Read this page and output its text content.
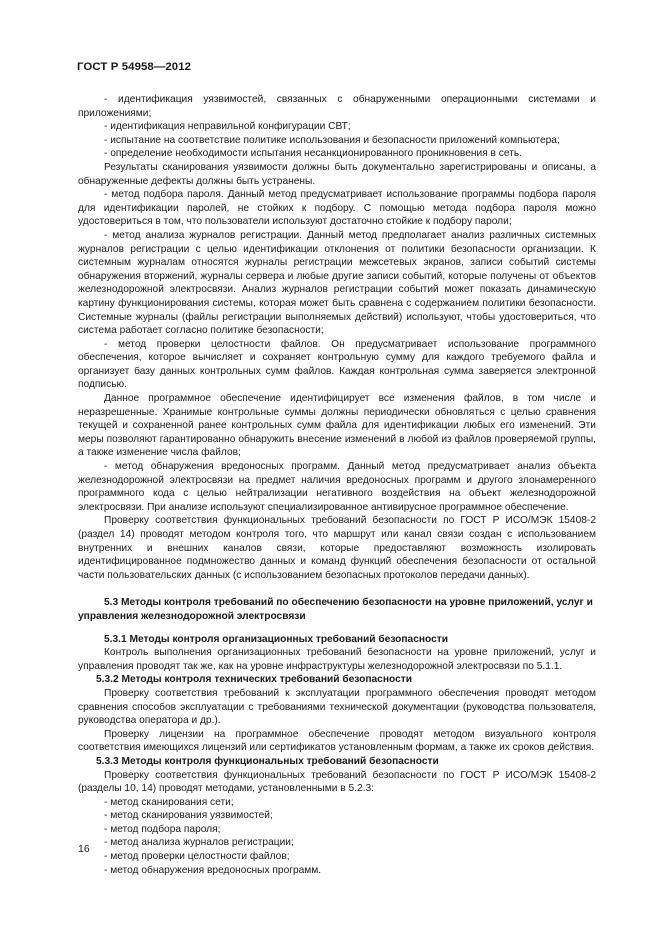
ГОСТ Р 54958—2012

- идентификация уязвимостей, связанных с обнаруженными операционными системами и приложениями;

- идентификация неправильной конфигурации СВТ;

- испытание на соответствие политике использования и безопасности приложений компьютера;

- определение необходимости испытания несанкционированного проникновения в сеть.

Результаты сканирования уязвимости должны быть документально зарегистрированы и описаны, а обнаруженные дефекты должны быть устранены.

- метод подбора пароля. Данный метод предусматривает использование программы подбора пароля для идентификации паролей, не стойких к подбору. С помощью метода подбора пароля можно удостовериться в том, что пользователи используют достаточно стойкие к подбору пароли;

- метод анализа журналов регистрации. Данный метод предполагает анализ различных системных журналов регистрации с целью идентификации отклонения от политики безопасности организации. К системным журналам относятся журналы регистрации межсетевых экранов, записи событий системы обнаружения вторжений, журналы сервера и любые другие записи событий, которые получены от объектов железнодорожной электросвязи. Анализ журналов регистрации событий может показать динамическую картину функционирования системы, которая может быть сравнена с содержанием политики безопасности. Системные журналы (файлы регистрации выполняемых действий) используют, чтобы удостовериться, что система работает согласно политике безопасности;

- метод проверки целостности файлов. Он предусматривает использование программного обеспечения, которое вычисляет и сохраняет контрольную сумму для каждого требуемого файла и организует базу данных контрольных сумм файлов. Каждая контрольная сумма заверяется электронной подписью.

Данное программное обеспечение идентифицирует все изменения файлов, в том числе и неразрешенные. Хранимые контрольные суммы должны периодически обновляться с целью сравнения текущей и сохраненной ранее контрольных сумм файла для идентификации любых его изменений. Эти меры позволяют гарантированно обнаружить внесение изменений в любой из файлов проверяемой группы, а также изменение числа файлов;

- метод обнаружения вредоносных программ. Данный метод предусматривает анализ объекта железнодорожной электросвязи на предмет наличия вредоносных программ и другого злонамеренного программного кода с целью нейтрализации негативного воздействия на объект железнодорожной электросвязи. При анализе используют специализированное антивирусное программное обеспечение.

Проверку соответствия функциональных требований безопасности по ГОСТ Р ИСО/МЭК 15408-2 (раздел 14) проводят методом контроля того, что маршрут или канал связи создан с использованием внутренних и внешних каналов связи, которые предоставляют возможность изолировать идентифицированное подмножество данных и команд функций обеспечения безопасности от остальной части пользовательских данных (с использованием безопасных протоколов передачи данных).

5.3 Методы контроля требований по обеспечению безопасности на уровне приложений, услуг и управления железнодорожной электросвязи

5.3.1 Методы контроля организационных требований безопасности

Контроль выполнения организационных требований безопасности на уровне приложений, услуг и управления проводят так же, как на уровне инфраструктуры железнодорожной электросвязи по 5.1.1.

5.3.2 Методы контроля технических требований безопасности

Проверку соответствия требований к эксплуатации программного обеспечения проводят методом сравнения способов эксплуатации с требованиями технической документации (руководства пользователя, руководства оператора и др.).

Проверку лицензии на программное обеспечение проводят методом визуального контроля соответствия имеющихся лицензий или сертификатов установленным формам, а также их сроков действия.

5.3.3 Методы контроля функциональных требований безопасности

Проверку соответствия функциональных требований безопасности по ГОСТ Р ИСО/МЭК 15408-2 (разделы 10, 14) проводят методами, установленными в 5.2.3:

- метод сканирования сети;

- метод сканирования уязвимостей;

- метод подбора пароля;

- метод анализа журналов регистрации;

- метод проверки целостности файлов;

- метод обнаружения вредоносных программ.

16
